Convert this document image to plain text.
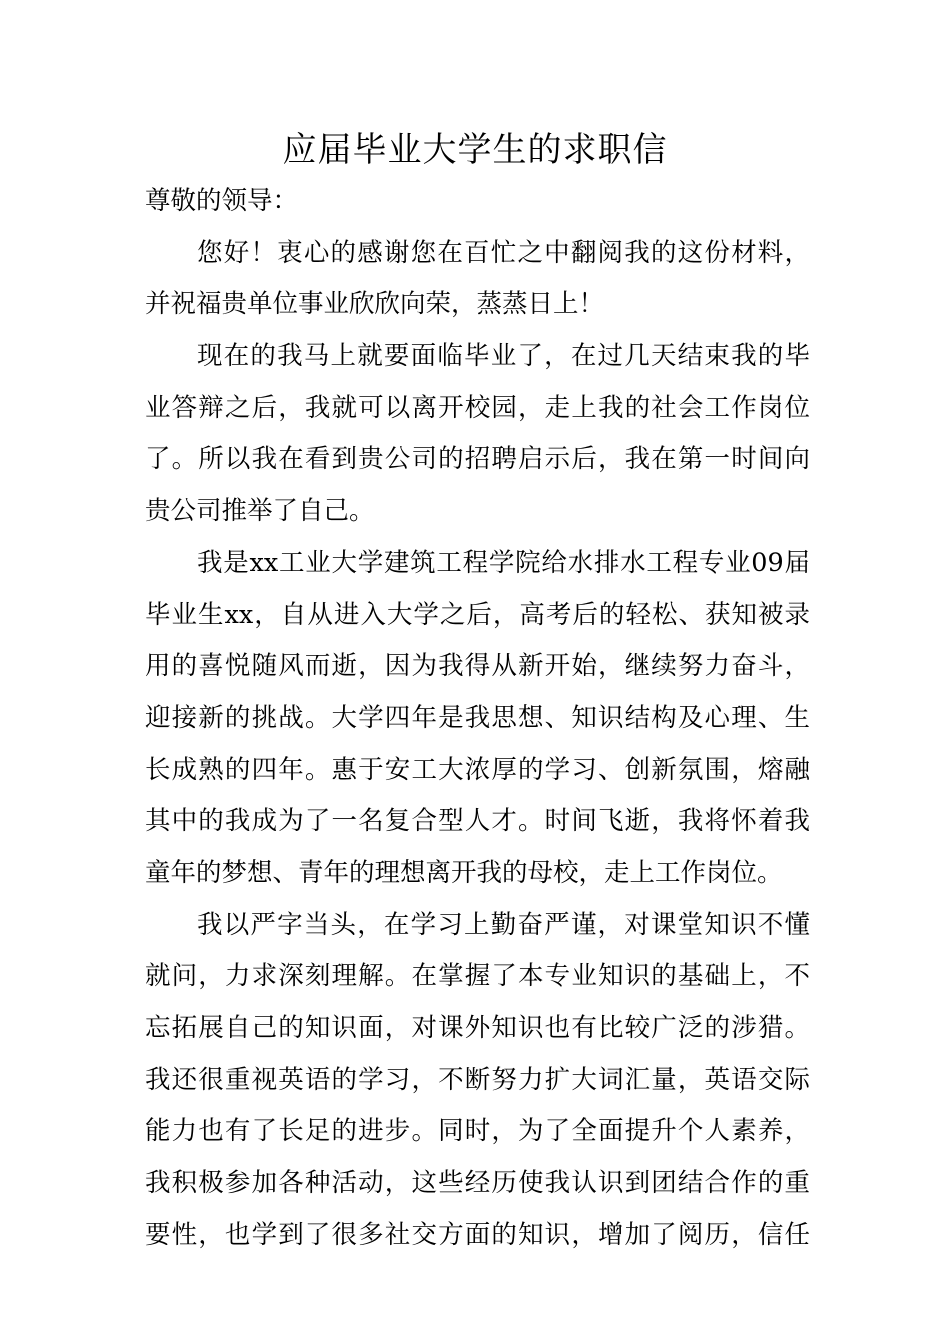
应届毕业大学生的求职信
尊敬的领导：
您好！衷心的感谢您在百忙之中翻阅我的这份材料，
并祝福贵单位事业欣欣向荣，蒸蒸日上！
现在的我马上就要面临毕业了，在过几天结束我的毕
业答辩之后，我就可以离开校园，走上我的社会工作岗位
了。所以我在看到贵公司的招聘启示后，我在第一时间向
贵公司推举了自己。
我是xx工业大学建筑工程学院给水排水工程专业09届
毕业生xx，自从进入大学之后，高考后的轻松、获知被录
用的喜悦随风而逝，因为我得从新开始，继续努力奋斗，
迎接新的挑战。大学四年是我思想、知识结构及心理、生
长成熟的四年。惠于安工大浓厚的学习、创新氛围，熔融
其中的我成为了一名复合型人才。时间飞逝，我将怀着我
童年的梦想、青年的理想离开我的母校，走上工作岗位。
我以严字当头，在学习上勤奋严谨，对课堂知识不懂
就问，力求深刻理解。在掌握了本专业知识的基础上，不
忘拓展自己的知识面，对课外知识也有比较广泛的涉猎。
我还很重视英语的学习，不断努力扩大词汇量，英语交际
能力也有了长足的进步。同时，为了全面提升个人素养，
我积极参加各种活动，这些经历使我认识到团结合作的重
要性，也学到了很多社交方面的知识，增加了阅历，信任
